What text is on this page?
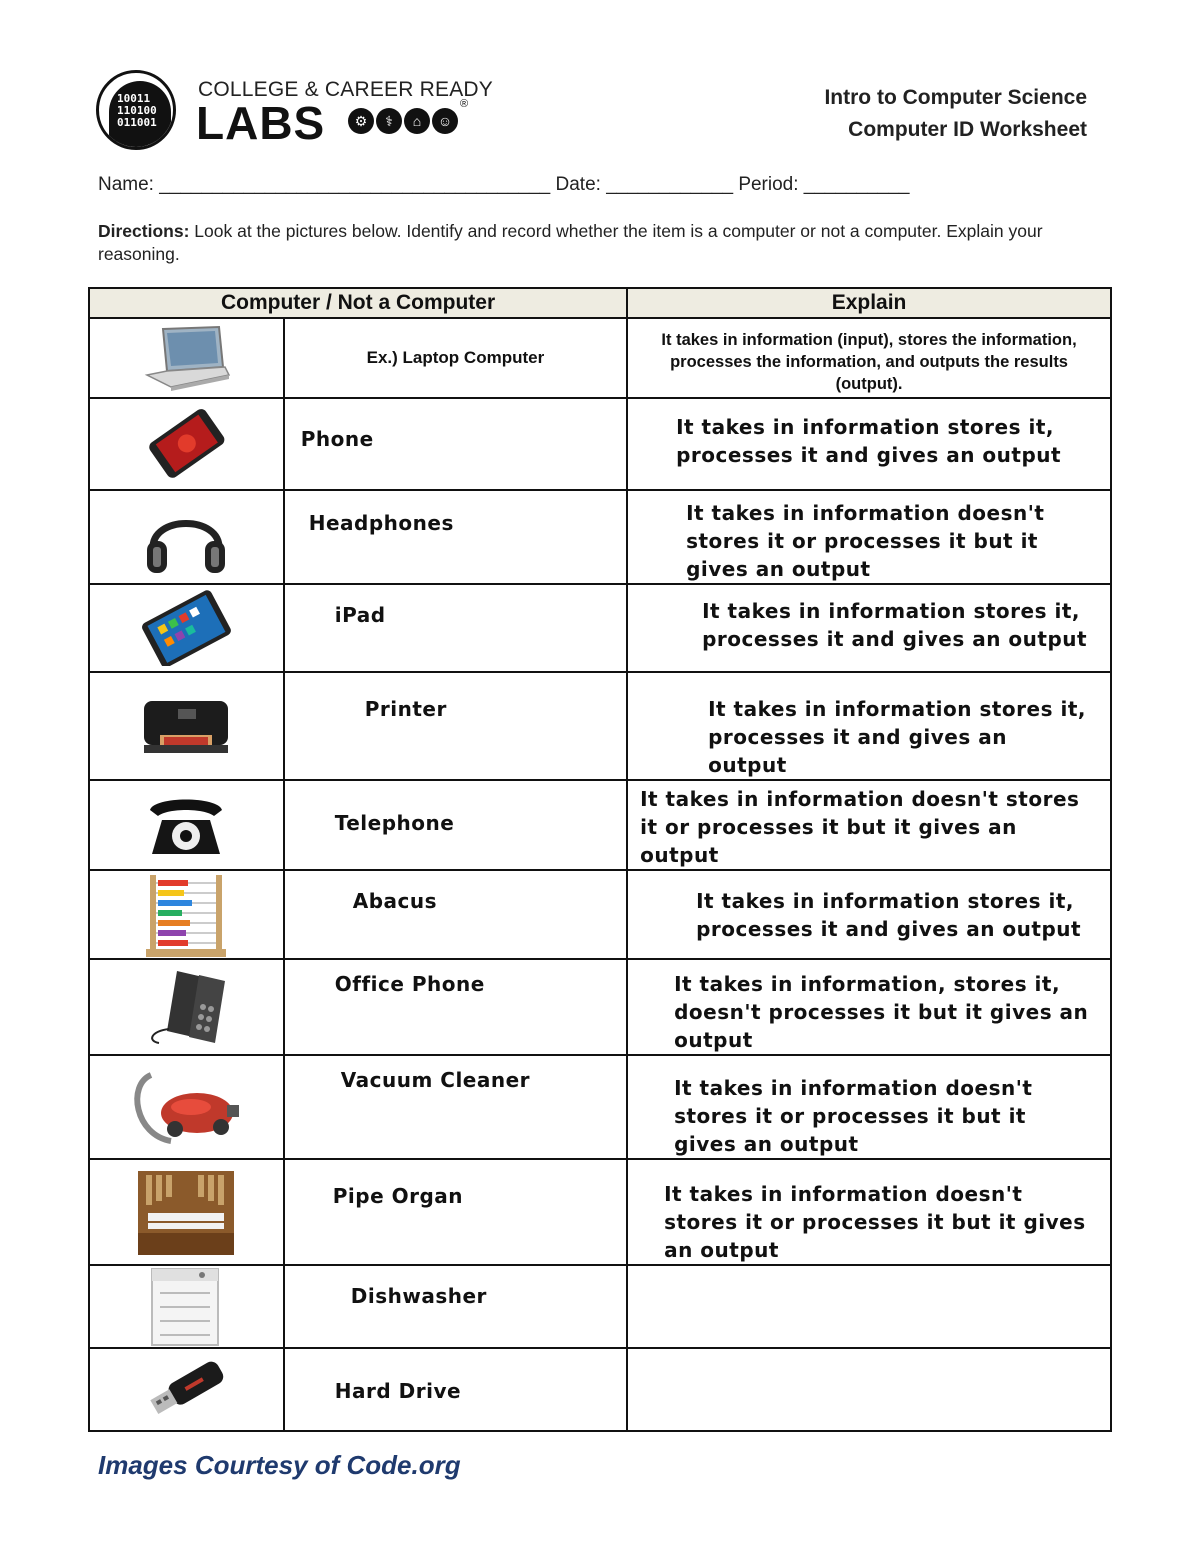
10011
110100
011001
COLLEGE & CAREER READY
LABS	⚙	⚕	⌂	☺
®	Intro to Computer Science
Computer ID Worksheet
Name: _____________________________________ Date: ____________ Period: __________
Directions: Look at the pictures below. Identify and record whether the item is a computer or not a computer. Explain your reasoning.
Computer / Not a Computer		Explain

Ex.) Laptop Computer	It takes in information (input), stores the information, processes the information, and outputs the results (output).

Phone	It takes in information stores it, processes it and gives an output

Headphones	It takes in information doesn't stores it or processes it but it gives an output

iPad	It takes in information stores it, processes it and gives an output

Printer	It takes in information stores it, processes it and gives an output

Telephone	It takes in information doesn't stores it or processes it but it gives an output

Abacus	It takes in information stores it, processes it and gives an output

Office Phone	It takes in information, stores it, doesn't processes it but it gives an output

Vacuum Cleaner	It takes in information doesn't stores it or processes it but it gives an output

Pipe Organ	It takes in information doesn't stores it or processes it but it gives an output

Dishwasher	

Hard Drive	

Images Courtesy of Code.org
